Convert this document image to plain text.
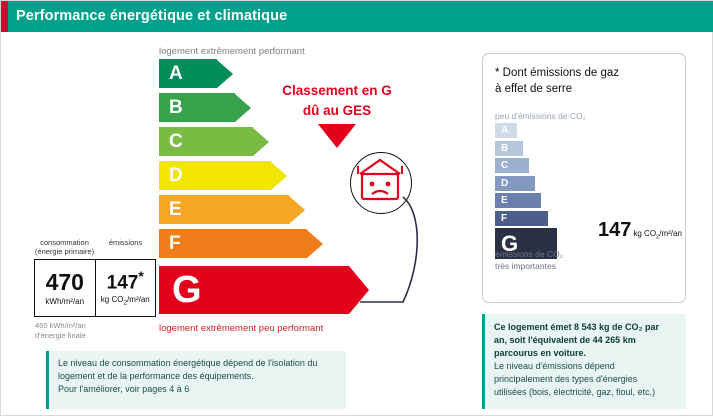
Performance énergétique et climatique
logement extrêmement performant
logement extrêmement peu performant
A
B
C
D
E
F
G
consommation
(énergie primaire)
émissions
470
kWh/m²/an
147*
kg $CO_2/m^2/an$
460 kWh/m²/an
d'énergie finale
Classement en G
dû au GES
* Dont émissions de gaz
à effet de serre
peu d'émissions de CO₂
A
B
C
D
E
F
G
147 kg $CO_2/m^2/an$
émissions de CO₂
très importantes
Le niveau de consommation énergétique dépend de l'isolation du
logement et de la performance des équipements.
Pour l'améliorer, voir pages 4 à 6
Ce logement émet 8 543 kg de CO₂ par
an, soit l'équivalent de 44 265 km
parcourus en voiture.
Le niveau d'émissions dépend
principalement des types d'énergies
utilisées (bois, électricité, gaz, fioul, etc.)
